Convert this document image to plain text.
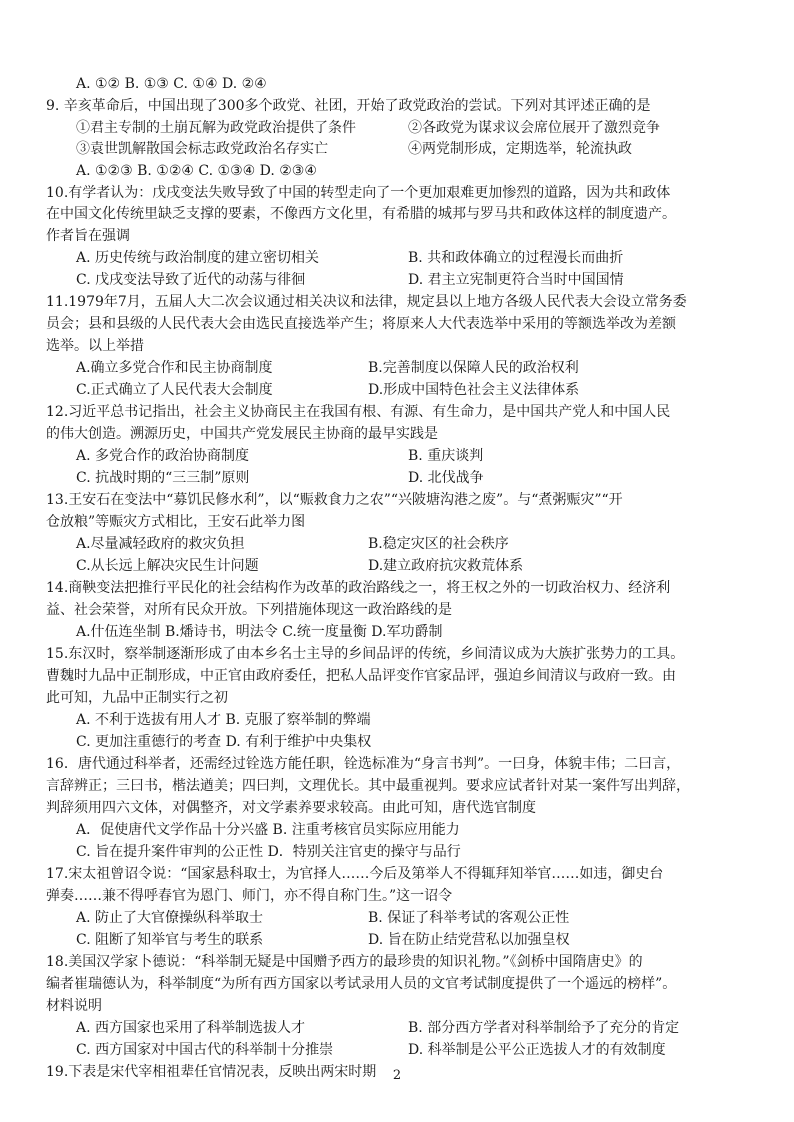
A. ①② B. ①③ C. ①④ D. ②④
9. 辛亥革命后，中国出现了300多个政党、社团，开始了政党政治的尝试。下列对其评述正确的是
①君主专制的土崩瓦解为政党政治提供了条件	②各政党为谋求议会席位展开了激烈竞争
③袁世凯解散国会标志政党政治名存实亡	④两党制形成，定期选举，轮流执政
A. ①②③ B. ①②④ C. ①③④ D. ②③④
10.有学者认为：戊戌变法失败导致了中国的转型走向了一个更加艰难更加惨烈的道路，因为共和政体
在中国文化传统里缺乏支撑的要素，不像西方文化里，有希腊的城邦与罗马共和政体这样的制度遗产。
作者旨在强调
A. 历史传统与政治制度的建立密切相关	B. 共和政体确立的过程漫长而曲折
C. 戊戌变法导致了近代的动荡与徘徊	D. 君主立宪制更符合当时中国国情
11.1979年7月，五届人大二次会议通过相关决议和法律，规定县以上地方各级人民代表大会设立常务委
员会；县和县级的人民代表大会由选民直接选举产生；将原来人大代表选举中采用的等额选举改为差额
选举。以上举措
A.确立多党合作和民主协商制度	B.完善制度以保障人民的政治权利
C.正式确立了人民代表大会制度	D.形成中国特色社会主义法律体系
12.习近平总书记指出，社会主义协商民主在我国有根、有源、有生命力，是中国共产党人和中国人民
的伟大创造。溯源历史，中国共产党发展民主协商的最早实践是
A. 多党合作的政治协商制度	B. 重庆谈判
C. 抗战时期的“三三制”原则	D. 北伐战争
13.王安石在变法中“募饥民修水利”，以“赈救食力之农”“兴陂塘沟港之废”。与“煮粥赈灾”“开
仓放粮”等赈灾方式相比，王安石此举力图
A.尽量减轻政府的救灾负担	B.稳定灾区的社会秩序
C.从长远上解决灾民生计问题	D.建立政府抗灾救荒体系
14.商鞅变法把推行平民化的社会结构作为改革的政治路线之一，将王权之外的一切政治权力、经济利
益、社会荣誉，对所有民众开放。下列措施体现这一政治路线的是
A.什伍连坐制 B.燔诗书，明法令 C.统一度量衡 D.军功爵制
15.东汉时，察举制逐渐形成了由本乡名士主导的乡间品评的传统，乡间清议成为大族扩张势力的工具。
曹魏时九品中正制形成，中正官由政府委任，把私人品评变作官家品评，强迫乡间清议与政府一致。由
此可知，九品中正制实行之初
A. 不利于选拔有用人才 B. 克服了察举制的弊端
C. 更加注重德行的考查 D. 有利于维护中央集权
16．唐代通过科举者，还需经过铨选方能任职，铨选标准为“身言书判”。一曰身，体貌丰伟；二曰言，
言辞辨正；三曰书，楷法遒美；四曰判，文理优长。其中最重视判。要求应试者针对某一案件写出判辞，
判辞须用四六文体，对偶整齐，对文学素养要求较高。由此可知，唐代选官制度
A．促使唐代文学作品十分兴盛 B. 注重考核官员实际应用能力
C. 旨在提升案件审判的公正性 D．特别关注官吏的操守与品行
17.宋太祖曾诏令说：“国家悬科取士，为官择人……今后及第举人不得辄拜知举官……如违，御史台
弹奏……兼不得呼春官为恩门、师门，亦不得自称门生。”这一诏令
A. 防止了大官僚操纵科举取士	B. 保证了科举考试的客观公正性
C. 阻断了知举官与考生的联系	D. 旨在防止结党营私以加强皇权
18.美国汉学家卜德说：“科举制无疑是中国赠予西方的最珍贵的知识礼物。”《剑桥中国隋唐史》的
编者崔瑞德认为，科举制度“为所有西方国家以考试录用人员的文官考试制度提供了一个遥远的榜样”。
材料说明
A. 西方国家也采用了科举制选拔人才	B. 部分西方学者对科举制给予了充分的肯定
C. 西方国家对中国古代的科举制十分推崇	D. 科举制是公平公正选拔人才的有效制度
19.下表是宋代宰相祖辈任官情况表，反映出两宋时期	2
